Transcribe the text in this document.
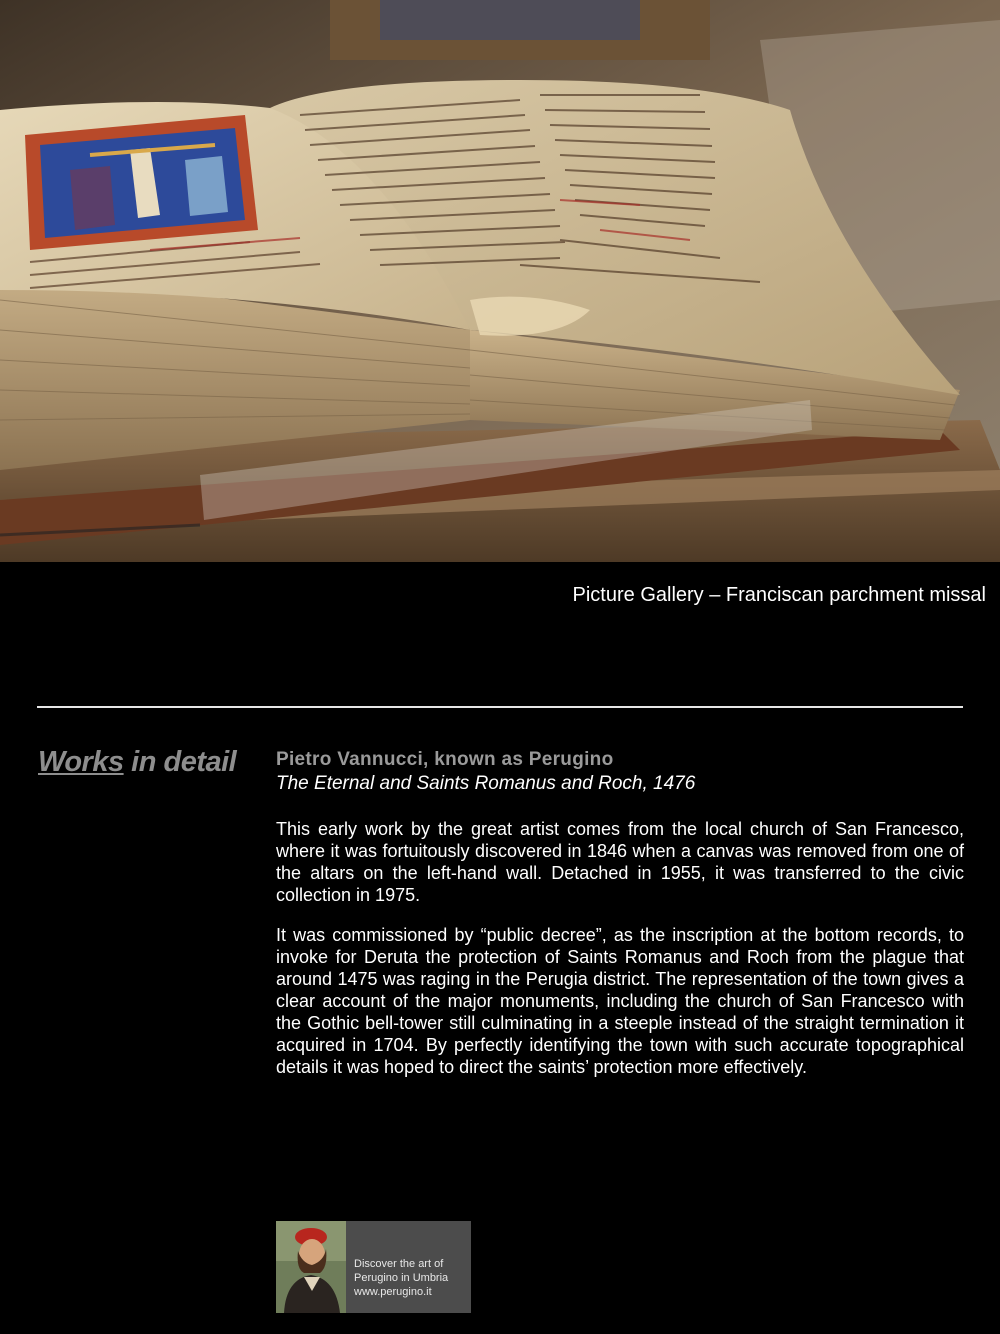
Picture Gallery – Franciscan parchment missal
Works in detail Pietro Vannucci, known as Perugino
The Eternal and Saints Romanus and Roch, 1476

This early work by the great artist comes from the local church of San Francesco, where it was fortuitously discovered in 1846 when a canvas was removed from one of the altars on the left-hand wall. Detached in 1955, it was transferred to the civic collection in 1975.

It was commissioned by “public decree”, as the inscription at the bottom records, to invoke for Deruta the protection of Saints Romanus and Roch from the plague that around 1475 was raging in the Perugia district. The representation of the town gives a clear account of the major monuments, including the church of San Francesco with the Gothic bell-tower still culminating in a steeple instead of the straight termination it acquired in 1704. By perfectly identifying the town with such accurate topographical details it was hoped to direct the saints’ protection more effectively.

Discover the art of
Perugino in Umbria
www.perugino.it
